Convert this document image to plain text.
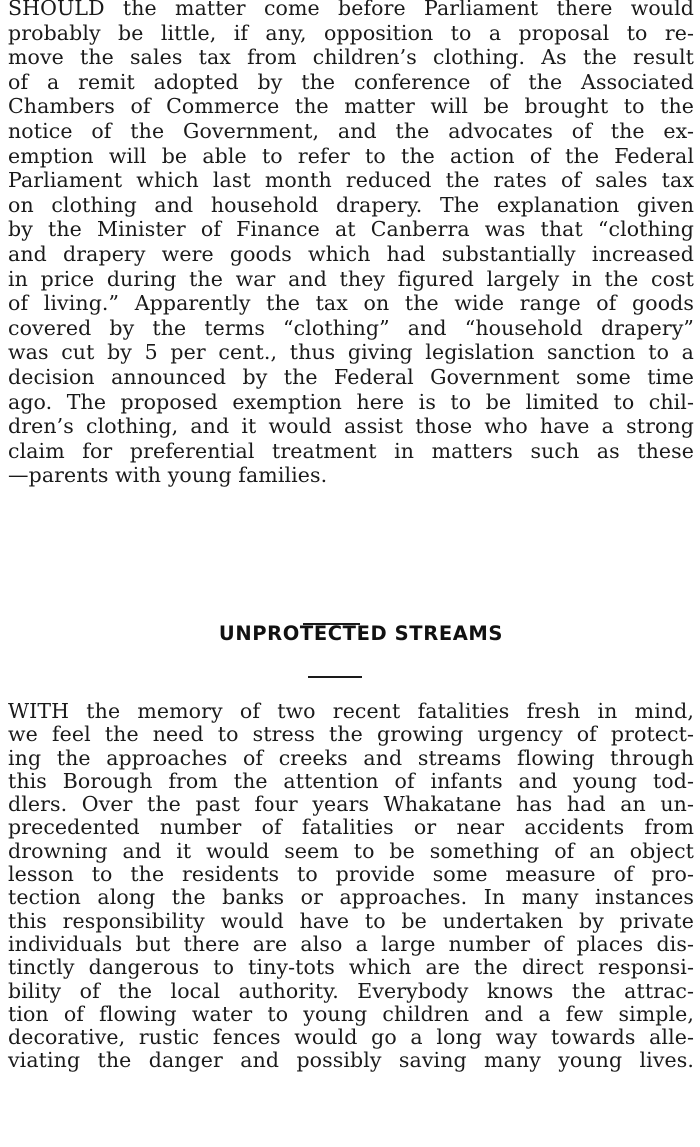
SHOULD the matter come before Parliament there would
probably be little, if any, opposition to a proposal to re-
move the sales tax from children’s clothing. As the result
of a remit adopted by the conference of the Associated
Chambers of Commerce the matter will be brought to the
notice of the Government, and the advocates of the ex-
emption will be able to refer to the action of the Federal
Parliament which last month reduced the rates of sales tax
on clothing and household drapery. The explanation given
by the Minister of Finance at Canberra was that “clothing
and drapery were goods which had substantially increased
in price during the war and they figured largely in the cost
of living.” Apparently the tax on the wide range of goods
covered by the terms “clothing” and “household drapery”
was cut by 5 per cent., thus giving legislation sanction to a
decision announced by the Federal Government some time
ago. The proposed exemption here is to be limited to chil-
dren’s clothing, and it would assist those who have a strong
claim for preferential treatment in matters such as these
—parents with young families.
UNPROTECTED STREAMS
WITH the memory of two recent fatalities fresh in mind,
we feel the need to stress the growing urgency of protect-
ing the approaches of creeks and streams flowing through
this Borough from the attention of infants and young tod-
dlers. Over the past four years Whakatane has had an un-
precedented number of fatalities or near accidents from
drowning and it would seem to be something of an object
lesson to the residents to provide some measure of pro-
tection along the banks or approaches. In many instances
this responsibility would have to be undertaken by private
individuals but there are also a large number of places dis-
tinctly dangerous to tiny-tots which are the direct responsi-
bility of the local authority. Everybody knows the attrac-
tion of flowing water to young children and a few simple,
decorative, rustic fences would go a long way towards alle-
viating the danger and possibly saving many young lives.
